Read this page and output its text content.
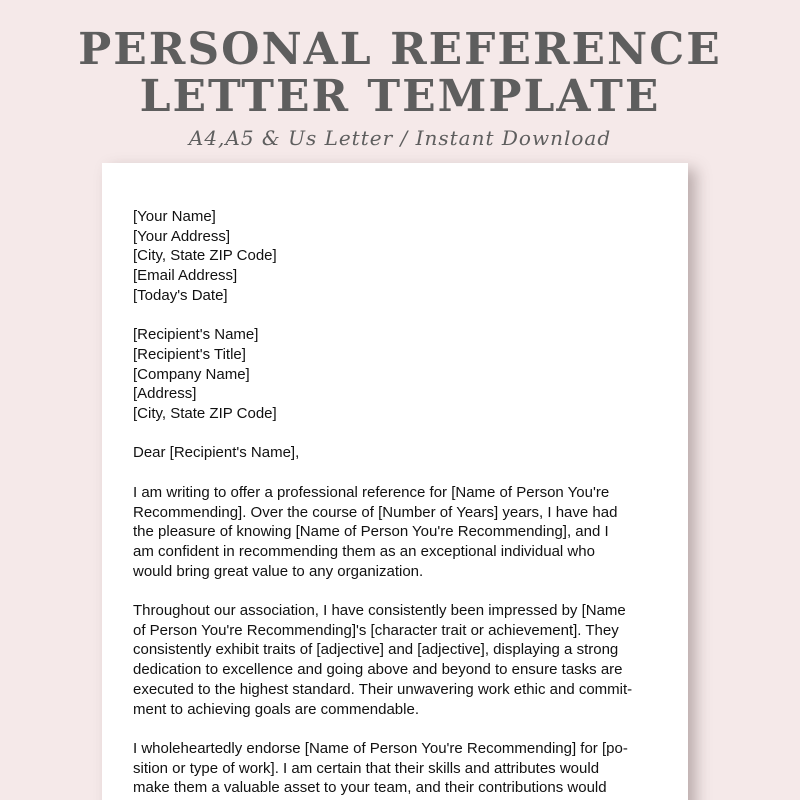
PERSONAL REFERENCE
LETTER TEMPLATE
A4,A5 & Us Letter / Instant Download
[Your Name]
[Your Address]
[City, State ZIP Code]
[Email Address]
[Today's Date]
[Recipient's Name]
[Recipient's Title]
[Company Name]
[Address]
[City, State ZIP Code]
Dear [Recipient's Name],
I am writing to offer a professional reference for [Name of Person You're
Recommending]. Over the course of [Number of Years] years, I have had
the pleasure of knowing [Name of Person You're Recommending], and I
am confident in recommending them as an exceptional individual who
would bring great value to any organization.
Throughout our association, I have consistently been impressed by [Name
of Person You're Recommending]'s [character trait or achievement]. They
consistently exhibit traits of [adjective] and [adjective], displaying a strong
dedication to excellence and going above and beyond to ensure tasks are
executed to the highest standard. Their unwavering work ethic and commit-
ment to achieving goals are commendable.
I wholeheartedly endorse [Name of Person You're Recommending] for [po-
sition or type of work]. I am certain that their skills and attributes would
make them a valuable asset to your team, and their contributions would
